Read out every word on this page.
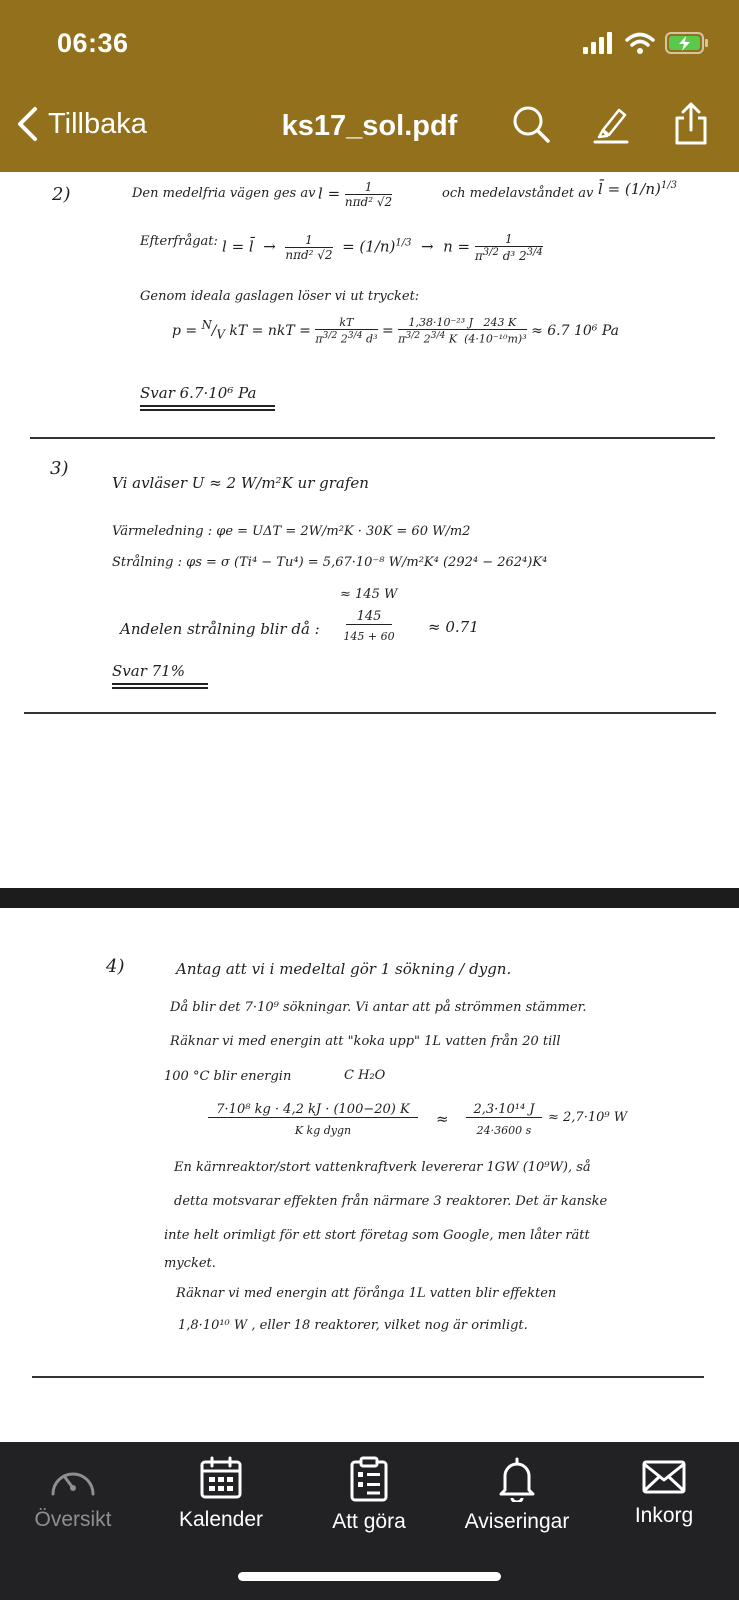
06:36
Tillbaka	ks17_sol.pdf
2)	Den medelfria vägen ges av l =	1
nπd² √2
och medelavståndet av l̄ = $(1/n)^{1/3}$
Efterfrågat: l = l̄  →	1
nπd² $√2 = (1/n)^{1/3} \to n = \frac{1}{\pi^{3/2} d^3 2^{3/4}}$
Genom ideala gaslagen löser vi ut trycket:
$p = ^N/_V$ kT = nkT = $\frac{kT}{\pi^{3/2} 2^{3/4} d^3} = \frac{\text{1,38·10⁻²³ J   243 K}}{\pi^{3/2} 2^{3/4} K (4\cdot 10^{-10}m)^3} \approx 6.7$ 10⁶ Pa
Svar 6.7·10⁶ Pa
3)
Vi avläser U ≈ 2 W/m²K ur grafen
Värmeledning : φe = UΔT = 2W/m²K · 30K = 60 W/m2
Strålning : φs = σ (Ti⁴ − Tu⁴) = 5,67·10⁻⁸ W/m²K⁴ (292⁴ − 262⁴)K⁴
≈ 145 W
Andelen strålning blir då :
145
145 + 60
≈ 0.71
Svar 71%
4)	Antag att vi i medeltal gör 1 sökning / dygn.
Då blir det 7·10⁹ sökningar. Vi antar att på strömmen stämmer.
Räknar vi med energin att "koka upp" 1L vatten från 20 till
100 °C blir energin	C H₂O
7·10⁸ kg · 4,2 kJ · (100−20) K
K kg dygn
≈
2,3·10¹⁴ J
24·3600 s
≈ 2,7·10⁹ W
En kärnreaktor/stort vattenkraftverk levererar 1GW (10⁹W), så
detta motsvarar effekten från närmare 3 reaktorer. Det är kanske
inte helt orimligt för ett stort företag som Google, men låter rätt
mycket.
Räknar vi med energin att förånga 1L vatten blir effekten
1,8·10¹⁰ W , eller 18 reaktorer, vilket nog är orimligt.
Översikt	Kalender	Att göra	Aviseringar	Inkorg
